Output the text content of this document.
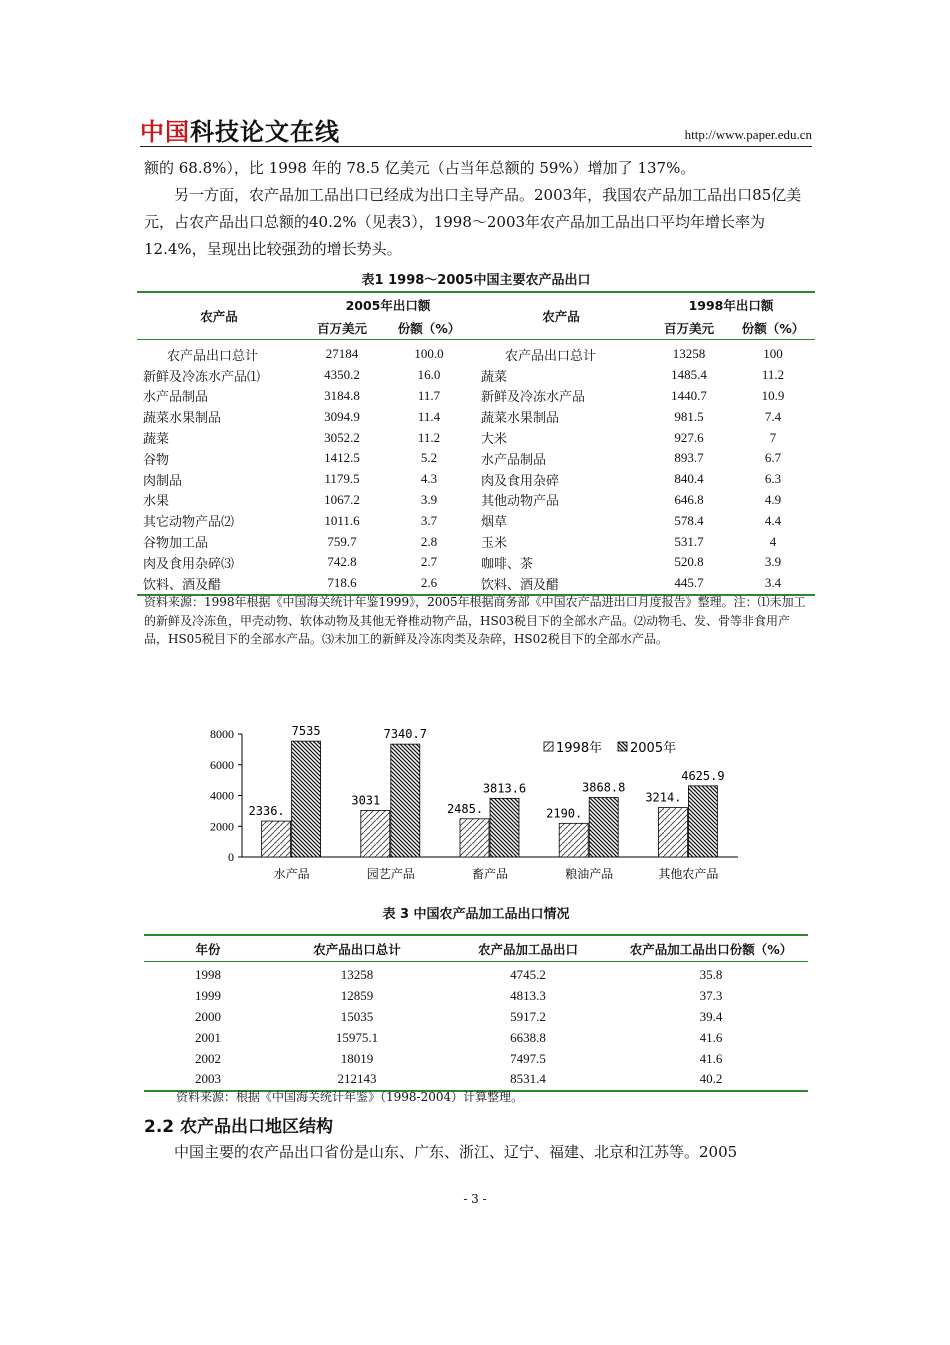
中国科技论文在线	http://www.paper.edu.cn

额的 68.8%），比 1998 年的 78.5 亿美元（占当年总额的 59%）增加了 137%。

另一方面，农产品加工品出口已经成为出口主导产品。2003年，我国农产品加工品出口85亿美元，占农产品出口总额的40.2%（见表3），1998～2003年农产品加工品出口平均年增长率为12.4%，呈现出比较强劲的增长势头。

表1 1998～2005中国主要农产品出口
农产品	2005年出口额		农产品	1998年出口额	
	百万美元	份额（%）		百万美元	份额（%）
农产品出口总计	27184	100.0	农产品出口总计	13258	100
新鲜及冷冻水产品⑴	4350.2	16.0	蔬菜	1485.4	11.2
水产品制品	3184.8	11.7	新鲜及冷冻水产品	1440.7	10.9
蔬菜水果制品	3094.9	11.4	蔬菜水果制品	981.5	7.4
蔬菜	3052.2	11.2	大米	927.6	7
谷物	1412.5	5.2	水产品制品	893.7	6.7
肉制品	1179.5	4.3	肉及食用杂碎	840.4	6.3
水果	1067.2	3.9	其他动物产品	646.8	4.9
其它动物产品⑵	1011.6	3.7	烟草	578.4	4.4
谷物加工品	759.7	2.8	玉米	531.7	4
肉及食用杂碎⑶	742.8	2.7	咖啡、茶	520.8	3.9
饮料、酒及醋	718.6	2.6	饮料、酒及醋	445.7	3.4

资料来源：1998年根据《中国海关统计年鉴1999》，2005年根据商务部《中国农产品进出口月度报告》整理。注：⑴未加工的新鲜及冷冻鱼，甲壳动物、软体动物及其他无脊椎动物产品，HS03税目下的全部水产品。⑵动物毛、发、骨等非食用产品，HS05税目下的全部水产品。⑶未加工的新鲜及冷冻肉类及杂碎，HS02税目下的全部水产品。

0
2000
4000
6000
8000
2336.
7535
水产品
3031
7340.7
园艺产品
2485.
3813.6
畜产品
2190.
3868.8
粮油产品
3214.
4625.9
其他农产品
1998年 2005年
表 3 中国农产品加工品出口情况
年份	农产品出口总计	农产品加工品出口	农产品加工品出口份额（%）
1998	13258	4745.2	35.8
1999	12859	4813.3	37.3
2000	15035	5917.2	39.4
2001	15975.1	6638.8	41.6
2002	18019	7497.5	41.6
2003	212143	8531.4	40.2
资料来源：根据《中国海关统计年鉴》（1998-2004）计算整理。
2.2 农产品出口地区结构
中国主要的农产品出口省份是山东、广东、浙江、辽宁、福建、北京和江苏等。2005
- 3 -
